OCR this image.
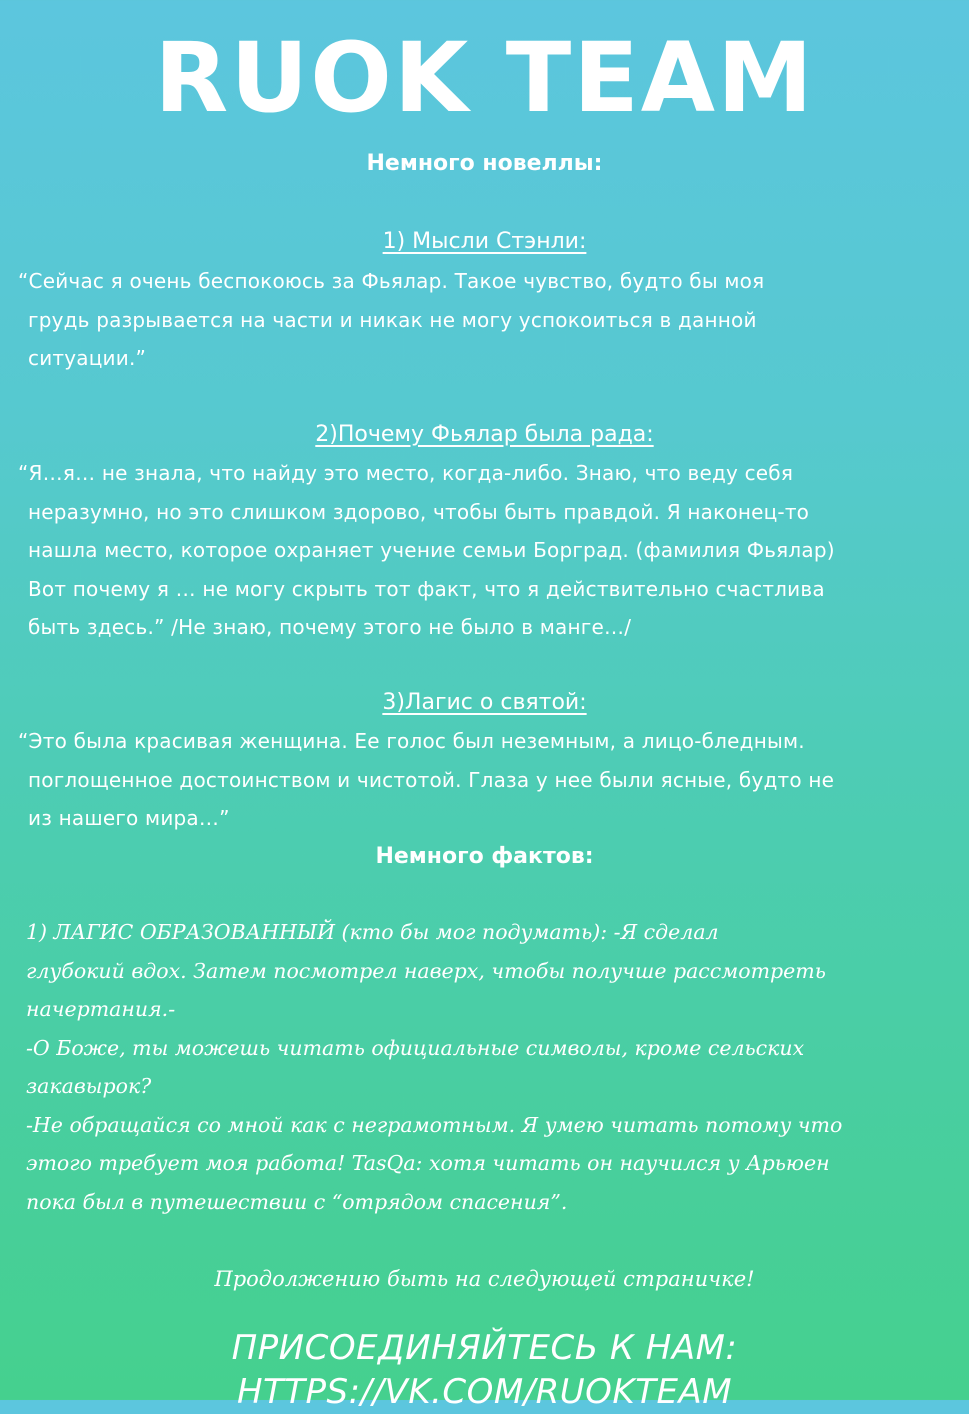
RUOK TEAM
Немного новеллы:
1) Мысли Стэнли:

“Сейчас я очень беспокоюсь за Фьялар. Такое чувство, будто бы моя

грудь разрывается на части и никак не могу успокоиться в данной

ситуации.”

2)Почему Фьялар была рада:

“Я…я… не знала, что найду это место, когда-либо. Знаю, что веду себя

неразумно, но это слишком здорово, чтобы быть правдой. Я наконец-то

нашла место, которое охраняет учение семьи Борград. (фамилия Фьялар)

Вот почему я … не могу скрыть тот факт, что я действительно счастлива

быть здесь.” /Не знаю, почему этого не было в манге…/

3)Лагис о святой:

“Это была красивая женщина. Ее голос был неземным, а лицо-бледным.

поглощенное достоинством и чистотой. Глаза у нее были ясные, будто не

из нашего мира…”

Немного фактов:

1) ЛАГИС ОБРАЗОВАННЫЙ (кто бы мог подумать): -Я сделал

глубокий вдох. Затем посмотрел наверх, чтобы получше рассмотреть

начертания.-

-О Боже, ты можешь читать официальные символы, кроме сельских

закавырок?

-Не обращайся со мной как с неграмотным. Я умею читать потому что

этого требует моя работа! TasQa: хотя читать он научился у Арьюен

пока был в путешествии с “отрядом спасения”.

Продолжению быть на следующей страничке!
ПРИСОЕДИНЯЙТЕСЬ К НАМ: HTTPS://VK.COM/RUOKTEAM
